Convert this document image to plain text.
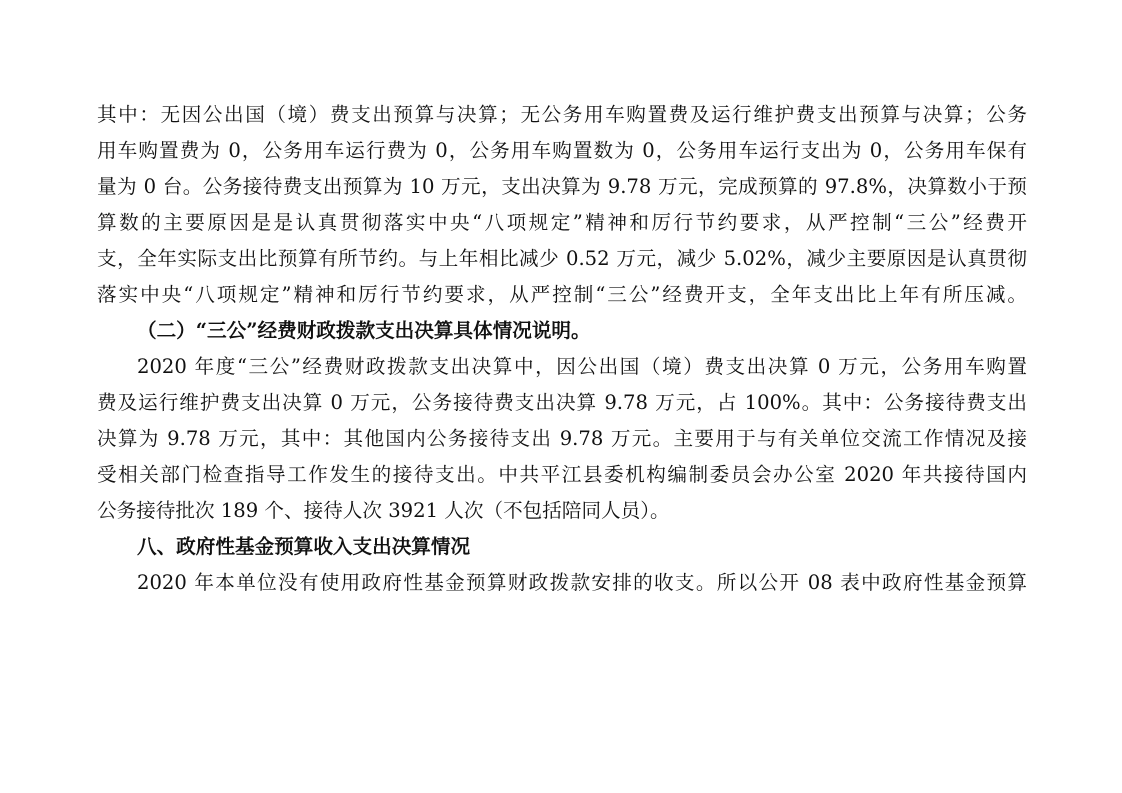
其中：无因公出国（境）费支出预算与决算；无公务用车购置费及运行维护费支出预算与决算；公务
用车购置费为 0，公务用车运行费为 0，公务用车购置数为 0，公务用车运行支出为 0，公务用车保有
量为 0 台。公务接待费支出预算为 10 万元，支出决算为 9.78 万元，完成预算的 97.8%，决算数小于预
算数的主要原因是是认真贯彻落实中央“八项规定”精神和厉行节约要求，从严控制“三公”经费开
支，全年实际支出比预算有所节约。与上年相比减少 0.52 万元，减少 5.02%，减少主要原因是认真贯彻
落实中央“八项规定”精神和厉行节约要求，从严控制“三公”经费开支，全年支出比上年有所压减。
（二）“三公”经费财政拨款支出决算具体情况说明。
2020 年度“三公”经费财政拨款支出决算中，因公出国（境）费支出决算 0 万元，公务用车购置
费及运行维护费支出决算 0 万元，公务接待费支出决算 9.78 万元，占 100%。其中：公务接待费支出
决算为 9.78 万元，其中：其他国内公务接待支出 9.78 万元。主要用于与有关单位交流工作情况及接
受相关部门检查指导工作发生的接待支出。中共平江县委机构编制委员会办公室 2020 年共接待国内
公务接待批次 189 个、接待人次 3921 人次（不包括陪同人员）。
八、政府性基金预算收入支出决算情况
2020 年本单位没有使用政府性基金预算财政拨款安排的收支。所以公开 08 表中政府性基金预算
